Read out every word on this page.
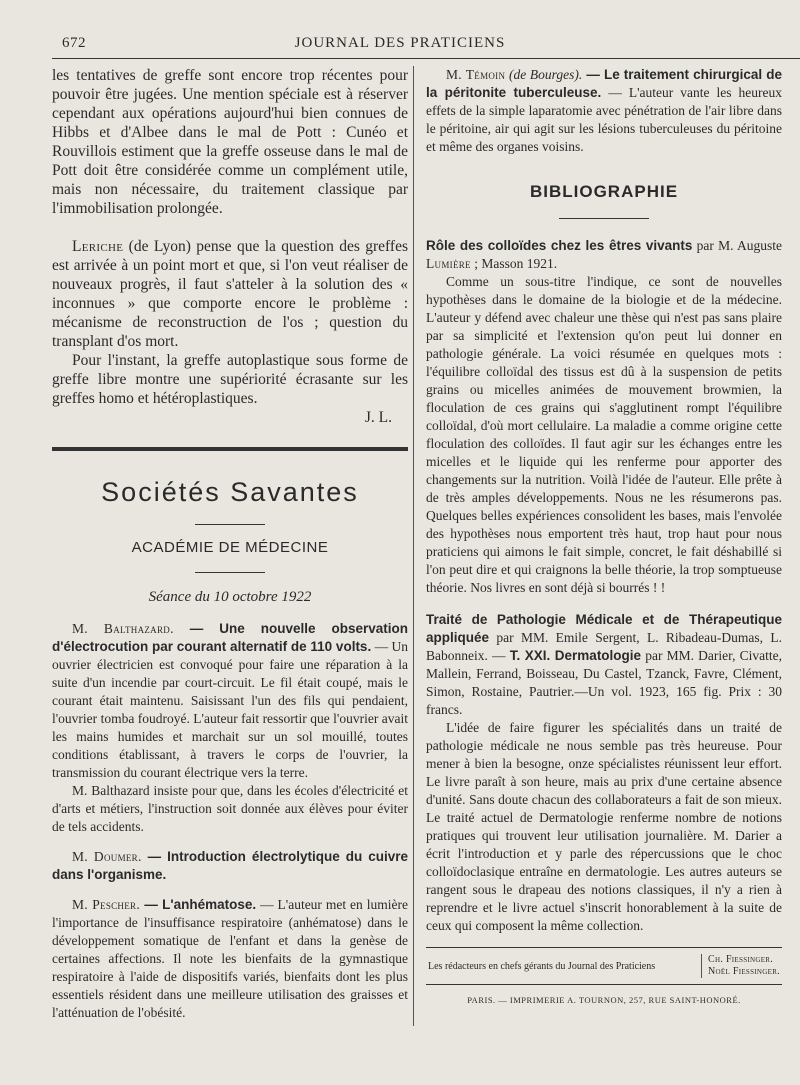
672	JOURNAL DES PRATICIENS

les tentatives de greffe sont encore trop récentes pour pouvoir être jugées. Une mention spéciale est à réserver cependant aux opérations aujourd'hui bien connues de Hibbs et d'Albee dans le mal de Pott : Cunéo et Rouvillois estiment que la greffe osseuse dans le mal de Pott doit être considérée comme un complément utile, mais non nécessaire, du traitement classique par l'immobilisation prolongée.

Leriche (de Lyon) pense que la question des greffes est arrivée à un point mort et que, si l'on veut réaliser de nouveaux progrès, il faut s'atteler à la solution des « inconnues » que comporte encore le problème : mécanisme de reconstruction de l'os ; question du transplant d'os mort.

Pour l'instant, la greffe autoplastique sous forme de greffe libre montre une supériorité écrasante sur les greffes homo et hétéroplastiques.

J. L.

Sociétés Savantes
ACADÉMIE DE MÉDECINE
Séance du 10 octobre 1922

M. Balthazard. — Une nouvelle observation d'électrocution par courant alternatif de 110 volts. — Un ouvrier électricien est convoqué pour faire une réparation à la suite d'un incendie par court-circuit. Le fil était coupé, mais le courant était maintenu. Saisissant l'un des fils qui pendaient, l'ouvrier tomba foudroyé. L'auteur fait ressortir que l'ouvrier avait les mains humides et marchait sur un sol mouillé, toutes conditions établissant, à travers le corps de l'ouvrier, la transmission du courant électrique vers la terre.

M. Balthazard insiste pour que, dans les écoles d'électricité et d'arts et métiers, l'instruction soit donnée aux élèves pour éviter de tels accidents.

M. Doumer. — Introduction électrolytique du cuivre dans l'organisme.

M. Pescher. — L'anhématose. — L'auteur met en lumière l'importance de l'insuffisance respiratoire (anhématose) dans le développement somatique de l'enfant et dans la genèse de certaines affections. Il note les bienfaits de la gymnastique respiratoire à l'aide de dispositifs variés, bienfaits dont les plus essentiels résident dans une meilleure utilisation des graisses et l'atténuation de l'obésité.

M. Témoin (de Bourges). — Le traitement chirurgical de la péritonite tuberculeuse. — L'auteur vante les heureux effets de la simple laparatomie avec pénétration de l'air libre dans le péritoine, air qui agit sur les lésions tuberculeuses du péritoine et même des organes voisins.

BIBLIOGRAPHIE

Rôle des colloïdes chez les êtres vivants par M. Auguste Lumière ; Masson 1921.

Comme un sous-titre l'indique, ce sont de nouvelles hypothèses dans le domaine de la biologie et de la médecine. L'auteur y défend avec chaleur une thèse qui n'est pas sans plaire par sa simplicité et l'extension qu'on peut lui donner en pathologie générale. La voici résumée en quelques mots : l'équilibre colloïdal des tissus est dû à la suspension de petits grains ou micelles animées de mouvement browmien, la floculation de ces grains qui s'agglutinent rompt l'équilibre colloïdal, d'où mort cellulaire. La maladie a comme origine cette floculation des colloïdes. Il faut agir sur les échanges entre les micelles et le liquide qui les renferme pour apporter des changements sur la nutrition. Voilà l'idée de l'auteur. Elle prête à de très amples développements. Nous ne les résumerons pas. Quelques belles expériences consolident les bases, mais l'envolée des hypothèses nous emportent très haut, trop haut pour nous praticiens qui aimons le fait simple, concret, le fait déshabillé si l'on peut dire et qui craignons la belle théorie, la trop somptueuse théorie. Nos livres en sont déjà si bourrés ! !

Traité de Pathologie Médicale et de Thérapeutique appliquée par MM. Emile Sergent, L. Ribadeau-Dumas, L. Babonneix. — T. XXI. Dermatologie par MM. Darier, Civatte, Mallein, Ferrand, Boisseau, Du Castel, Tzanck, Favre, Clément, Simon, Rostaine, Pautrier.—Un vol. 1923, 165 fig. Prix : 30 francs.

L'idée de faire figurer les spécialités dans un traité de pathologie médicale ne nous semble pas très heureuse. Pour mener à bien la besogne, onze spécialistes réunissent leur effort. Le livre paraît à son heure, mais au prix d'une certaine absence d'unité. Sans doute chacun des collaborateurs a fait de son mieux. Le traité actuel de Dermatologie renferme nombre de notions pratiques qui trouvent leur utilisation journalière. M. Darier a écrit l'introduction et y parle des répercussions que le choc colloïdoclasique entraîne en dermatologie. Les autres auteurs se rangent sous le drapeau des notions classiques, il n'y a rien à reprendre et le livre actuel s'inscrit honorablement à la suite de ceux qui composent la même collection.

Les rédacteurs en chefs gérants du Journal des Praticiens
Ch. Fiessinger.
Noël Fiessinger.
PARIS. — IMPRIMERIE A. TOURNON, 257, RUE SAINT-HONORÉ.
